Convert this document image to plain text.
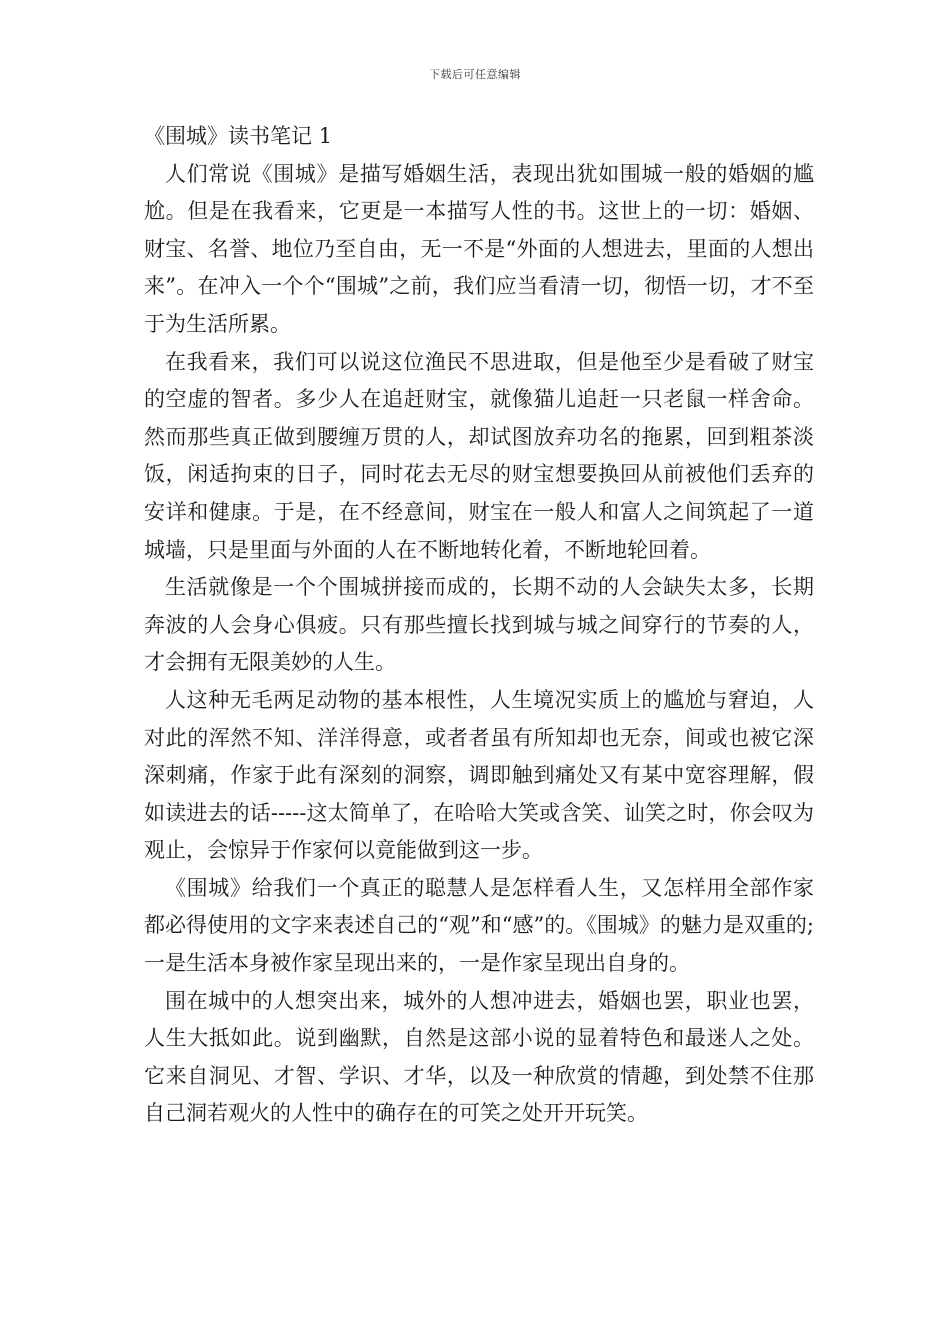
下载后可任意编辑
《围城》读书笔记 1

人们常说《围城》是描写婚姻生活，表现出犹如围城一般的婚姻的尴尬。但是在我看来，它更是一本描写人性的书。这世上的一切：婚姻、财宝、名誉、地位乃至自由，无一不是“外面的人想进去，里面的人想出来”。在冲入一个个“围城”之前，我们应当看清一切，彻悟一切，才不至于为生活所累。

在我看来，我们可以说这位渔民不思进取，但是他至少是看破了财宝的空虚的智者。多少人在追赶财宝，就像猫儿追赶一只老鼠一样舍命。然而那些真正做到腰缠万贯的人，却试图放弃功名的拖累，回到粗茶淡饭，闲适拘束的日子，同时花去无尽的财宝想要换回从前被他们丢弃的安详和健康。于是，在不经意间，财宝在一般人和富人之间筑起了一道城墙，只是里面与外面的人在不断地转化着，不断地轮回着。

生活就像是一个个围城拼接而成的，长期不动的人会缺失太多，长期奔波的人会身心俱疲。只有那些擅长找到城与城之间穿行的节奏的人，才会拥有无限美妙的人生。

人这种无毛两足动物的基本根性，人生境况实质上的尴尬与窘迫，人对此的浑然不知、洋洋得意，或者者虽有所知却也无奈，间或也被它深深刺痛，作家于此有深刻的洞察，调即触到痛处又有某中宽容理解，假如读进去的话-----这太简单了，在哈哈大笑或含笑、讪笑之时，你会叹为观止，会惊异于作家何以竟能做到这一步。

《围城》给我们一个真正的聪慧人是怎样看人生，又怎样用全部作家都必得使用的文字来表述自己的“观”和“感”的。《围城》的魅力是双重的;一是生活本身被作家呈现出来的，一是作家呈现出自身的。

围在城中的人想突出来，城外的人想冲进去，婚姻也罢，职业也罢，人生大抵如此。说到幽默，自然是这部小说的显着特色和最迷人之处。它来自洞见、才智、学识、才华，以及一种欣赏的情趣，到处禁不住那自己洞若观火的人性中的确存在的可笑之处开开玩笑。
